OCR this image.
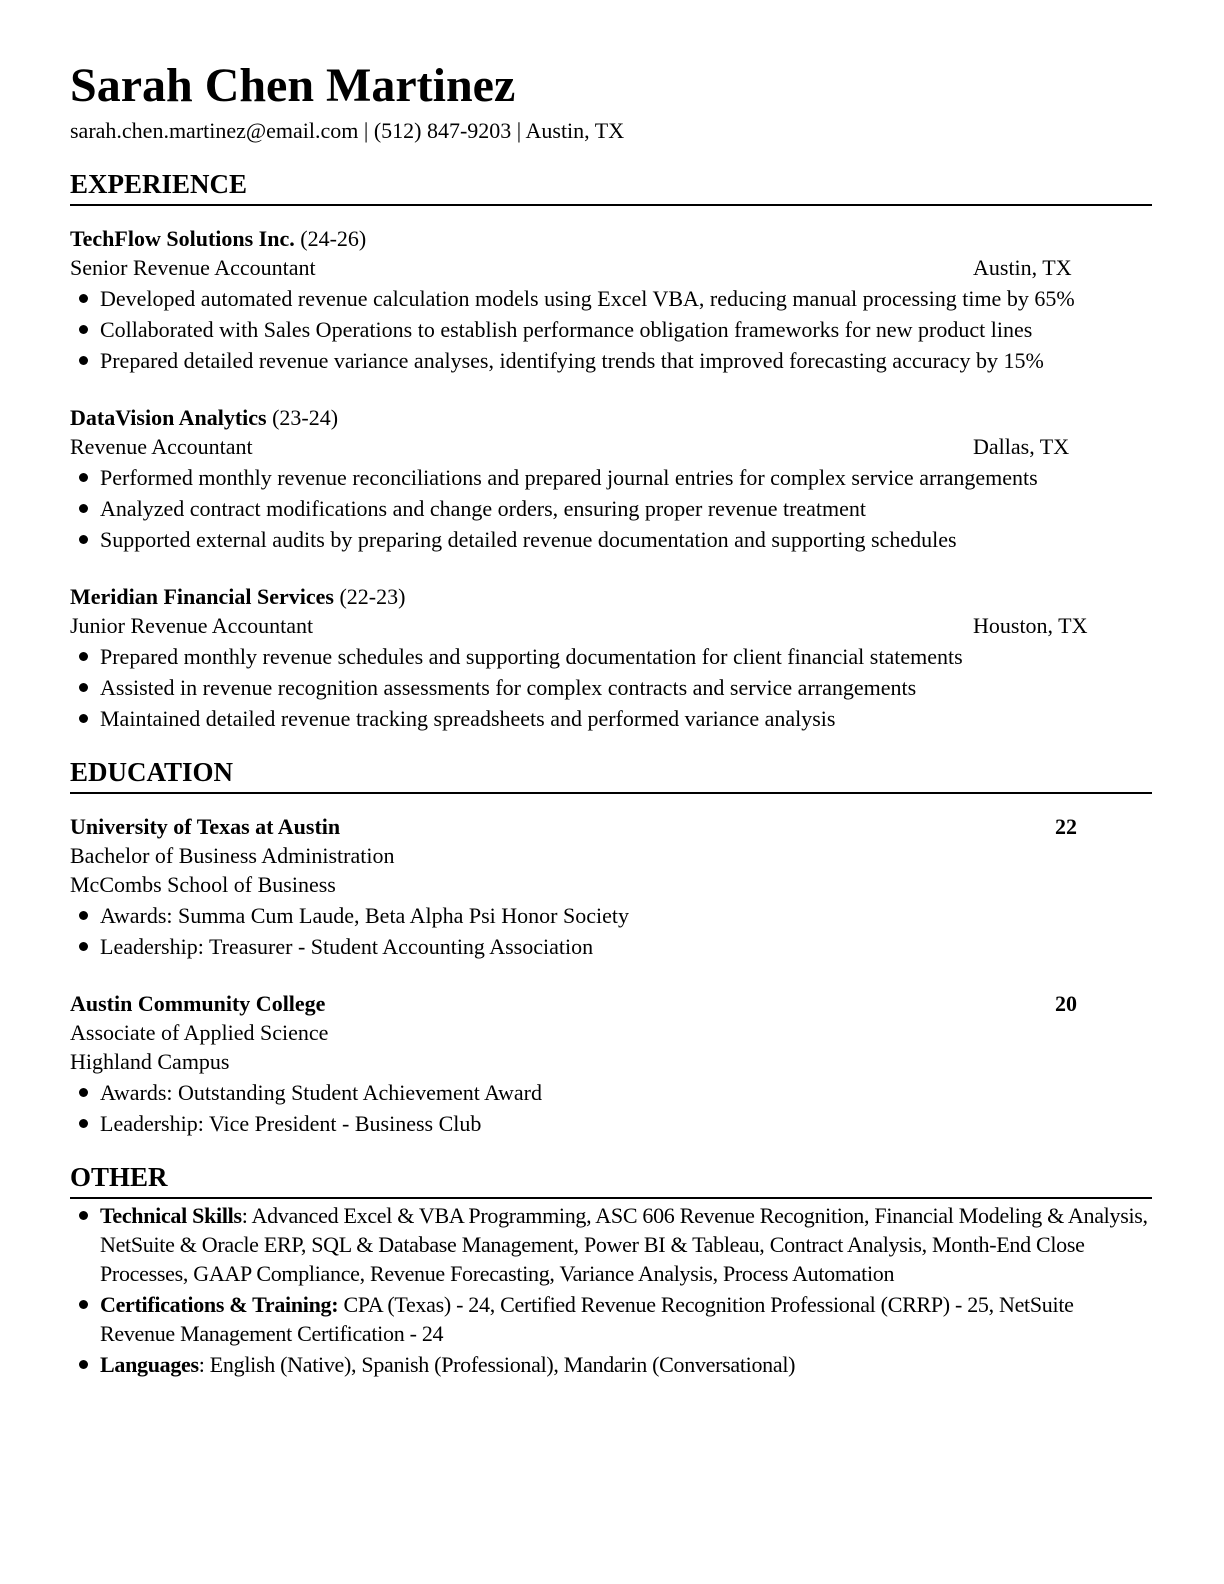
Sarah Chen Martinez
sarah.chen.martinez@email.com | (512) 847-9203 | Austin, TX
EXPERIENCE
TechFlow Solutions Inc. (24-26)
Senior Revenue Accountant	Austin, TX
Developed automated revenue calculation models using Excel VBA, reducing manual processing time by 65%
Collaborated with Sales Operations to establish performance obligation frameworks for new product lines
Prepared detailed revenue variance analyses, identifying trends that improved forecasting accuracy by 15%
DataVision Analytics (23-24)
Revenue Accountant	Dallas, TX
Performed monthly revenue reconciliations and prepared journal entries for complex service arrangements
Analyzed contract modifications and change orders, ensuring proper revenue treatment
Supported external audits by preparing detailed revenue documentation and supporting schedules
Meridian Financial Services (22-23)
Junior Revenue Accountant	Houston, TX
Prepared monthly revenue schedules and supporting documentation for client financial statements
Assisted in revenue recognition assessments for complex contracts and service arrangements
Maintained detailed revenue tracking spreadsheets and performed variance analysis
EDUCATION
University of Texas at Austin	22
Bachelor of Business Administration
McCombs School of Business
Awards: Summa Cum Laude, Beta Alpha Psi Honor Society
Leadership: Treasurer - Student Accounting Association
Austin Community College	20
Associate of Applied Science
Highland Campus
Awards: Outstanding Student Achievement Award
Leadership: Vice President - Business Club
OTHER
Technical Skills: Advanced Excel & VBA Programming, ASC 606 Revenue Recognition, Financial Modeling & Analysis, NetSuite & Oracle ERP, SQL & Database Management, Power BI & Tableau, Contract Analysis, Month-End Close Processes, GAAP Compliance, Revenue Forecasting, Variance Analysis, Process Automation
Certifications & Training: CPA (Texas) - 24, Certified Revenue Recognition Professional (CRRP) - 25, NetSuite Revenue Management Certification - 24
Languages: English (Native), Spanish (Professional), Mandarin (Conversational)
